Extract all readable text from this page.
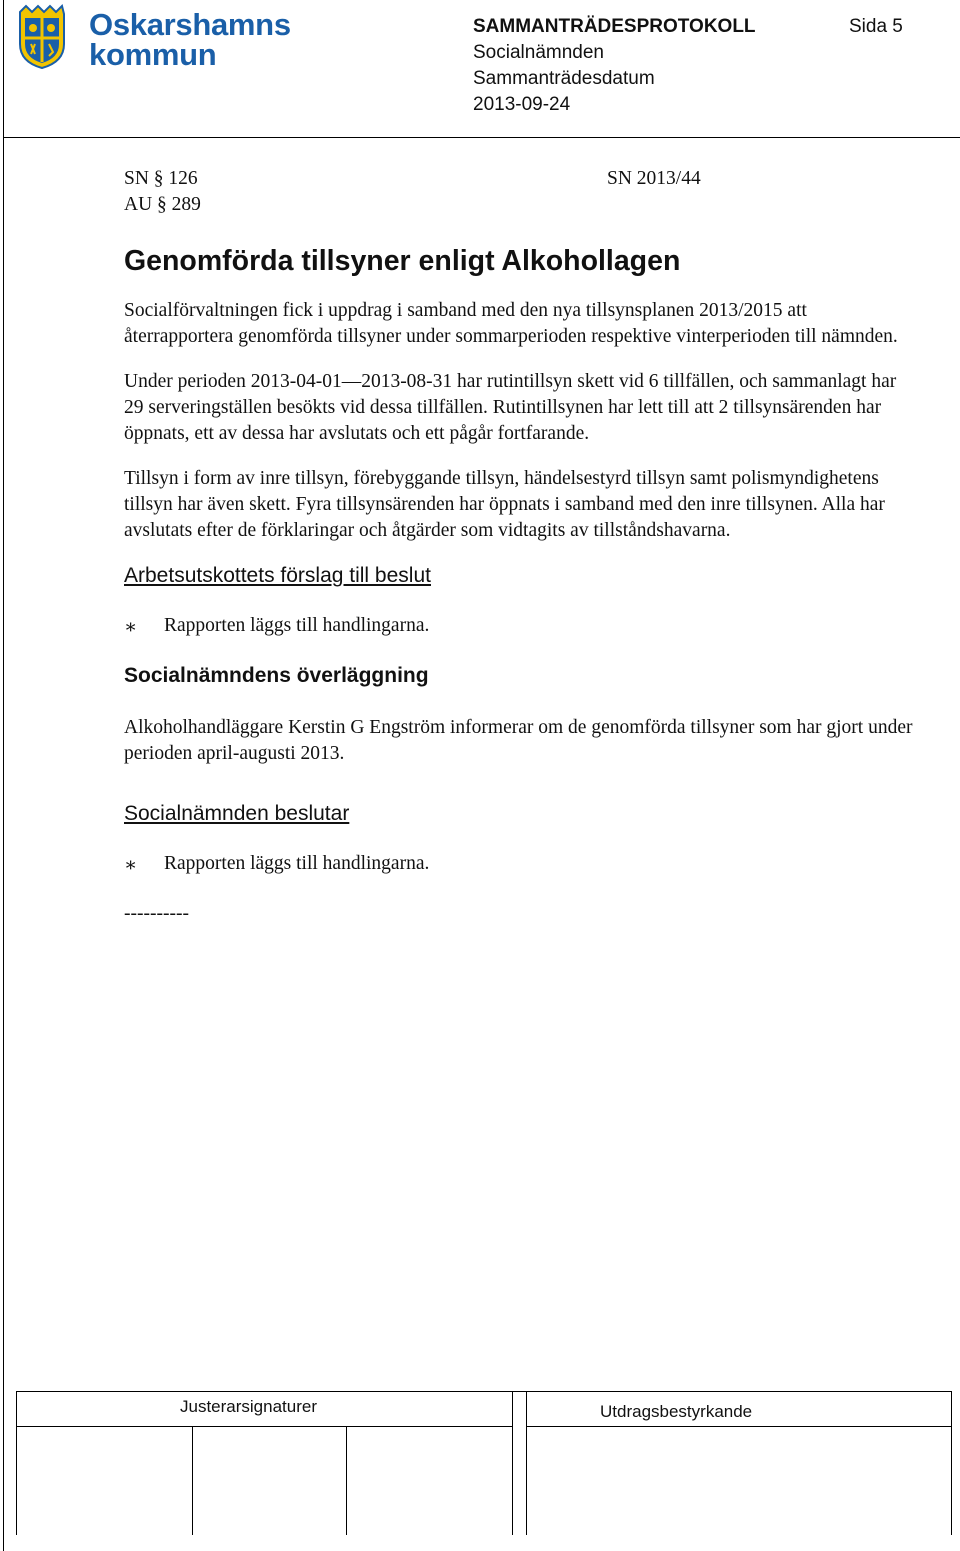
Oskarshamns
kommun
SAMMANTRÄDESPROTOKOLL
Socialnämnden
Sammanträdesdatum
2013-09-24
Sida 5
SN § 126
AU § 289
SN 2013/44
Genomförda tillsyner enligt Alkohollagen

Socialförvaltningen fick i uppdrag i samband med den nya tillsynsplanen 2013/2015 att återrapportera genomförda tillsyner under sommarperioden respektive vinterperioden till nämnden.

Under perioden 2013-04-01—2013-08-31 har rutintillsyn skett vid 6 tillfällen, och sammanlagt har 29 serveringställen besökts vid dessa tillfällen. Rutintillsynen har lett till att 2 tillsynsärenden har öppnats, ett av dessa har avslutats och ett pågår fortfarande.

Tillsyn i form av inre tillsyn, förebyggande tillsyn, händelsestyrd tillsyn samt polismyndighetens tillsyn har även skett. Fyra tillsynsärenden har öppnats i samband med den inre tillsynen. Alla har avslutats efter de förklaringar och åtgärder som vidtagits av tillståndshavarna.

Arbetsutskottets förslag till beslut
∗ Rapporten läggs till handlingarna.
Socialnämndens överläggning

Alkoholhandläggare Kerstin G Engström informerar om de genomförda tillsyner som har gjort under perioden april-augusti 2013.

Socialnämnden beslutar
∗ Rapporten läggs till handlingarna.
----------
Justerarsignaturer	Utdragsbestyrkande
